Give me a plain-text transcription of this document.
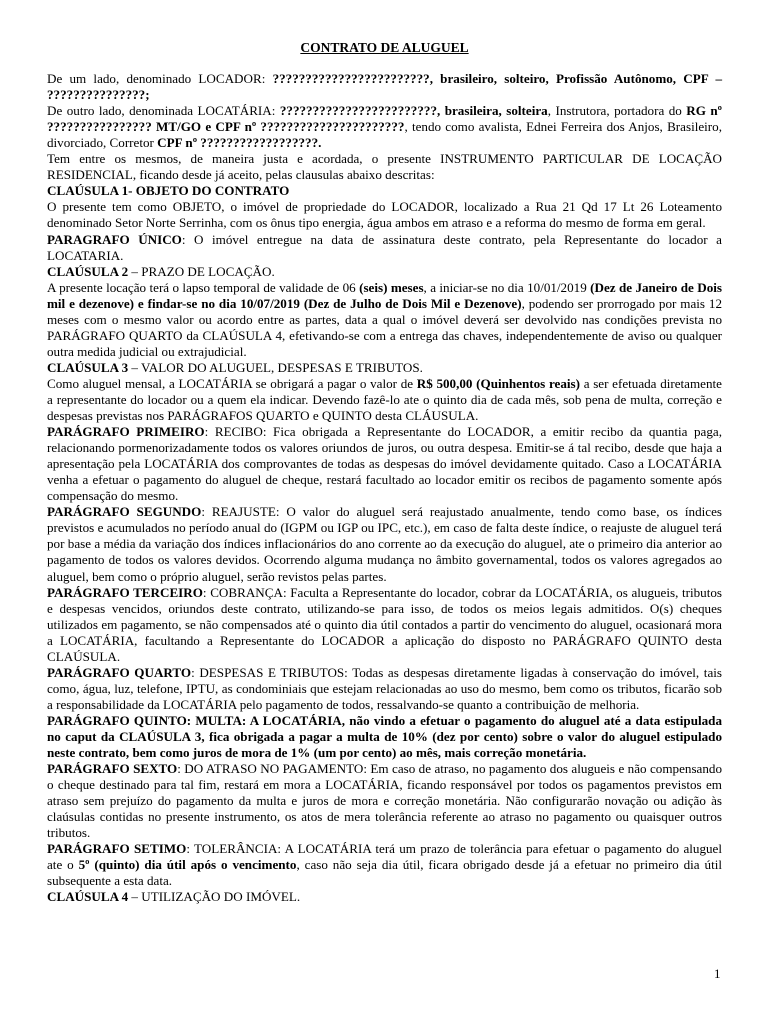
CONTRATO DE ALUGUEL

De um lado, denominado LOCADOR: ????????????????????????, brasileiro, solteiro, Profissão Autônomo, CPF – ???????????????;

De outro lado, denominada LOCATÁRIA: ????????????????????????, brasileira, solteira, Instrutora, portadora do RG nº ???????????????? MT/GO e CPF nº ??????????????????????, tendo como avalista, Ednei Ferreira dos Anjos, Brasileiro, divorciado, Corretor CPF nº ??????????????????.

Tem entre os mesmos, de maneira justa e acordada, o presente INSTRUMENTO PARTICULAR DE LOCAÇÃO RESIDENCIAL, ficando desde já aceito, pelas clausulas abaixo descritas:

CLAÚSULA 1- OBJETO DO CONTRATO

O presente tem como OBJETO, o imóvel de propriedade do LOCADOR, localizado a Rua 21 Qd 17 Lt 26 Loteamento denominado Setor Norte Serrinha, com os ônus tipo energia, água ambos em atraso e a reforma do mesmo de forma em geral.

PARAGRAFO ÚNICO: O imóvel entregue na data de assinatura deste contrato, pela Representante do locador a LOCATARIA.

CLAÚSULA 2 – PRAZO DE LOCAÇÃO.

A presente locação terá o lapso temporal de validade de 06 (seis) meses, a iniciar-se no dia 10/01/2019 (Dez de Janeiro de Dois mil e dezenove) e findar-se no dia 10/07/2019 (Dez de Julho de Dois Mil e Dezenove), podendo ser prorrogado por mais 12 meses com o mesmo valor ou acordo entre as partes, data a qual o imóvel deverá ser devolvido nas condições prevista no PARÁGRAFO QUARTO da CLAÚSULA 4, efetivando-se com a entrega das chaves, independentemente de aviso ou qualquer outra medida judicial ou extrajudicial.

CLAÚSULA 3 – VALOR DO ALUGUEL, DESPESAS E TRIBUTOS.

Como aluguel mensal, a LOCATÁRIA se obrigará a pagar o valor de R$ 500,00 (Quinhentos reais) a ser efetuada diretamente a representante do locador ou a quem ela indicar. Devendo fazê-lo ate o quinto dia de cada mês, sob pena de multa, correção e despesas previstas nos PARÁGRAFOS QUARTO e QUINTO desta CLÁUSULA.

PARÁGRAFO PRIMEIRO: RECIBO: Fica obrigada a Representante do LOCADOR, a emitir recibo da quantia paga, relacionando pormenorizadamente todos os valores oriundos de juros, ou outra despesa. Emitir-se á tal recibo, desde que haja a apresentação pela LOCATÁRIA dos comprovantes de todas as despesas do imóvel devidamente quitado. Caso a LOCATÁRIA venha a efetuar o pagamento do aluguel de cheque, restará facultado ao locador emitir os recibos de pagamento somente após compensação do mesmo.

PARÁGRAFO SEGUNDO: REAJUSTE: O valor do aluguel será reajustado anualmente, tendo como base, os índices previstos e acumulados no período anual do (IGPM ou IGP ou IPC, etc.), em caso de falta deste índice, o reajuste de aluguel terá por base a média da variação dos índices inflacionários do ano corrente ao da execução do aluguel, ate o primeiro dia anterior ao pagamento de todos os valores devidos. Ocorrendo alguma mudança no âmbito governamental, todos os valores agregados ao aluguel, bem como o próprio aluguel, serão revistos pelas partes.

PARÁGRAFO TERCEIRO: COBRANÇA: Faculta a Representante do locador, cobrar da LOCATÁRIA, os alugueis, tributos e despesas vencidos, oriundos deste contrato, utilizando-se para isso, de todos os meios legais admitidos. O(s) cheques utilizados em pagamento, se não compensados até o quinto dia útil contados a partir do vencimento do aluguel, ocasionará mora a LOCATÁRIA, facultando a Representante do LOCADOR a aplicação do disposto no PARÁGRAFO QUINTO desta CLAÚSULA.

PARÁGRAFO QUARTO: DESPESAS E TRIBUTOS: Todas as despesas diretamente ligadas à conservação do imóvel, tais como, água, luz, telefone, IPTU, as condominiais que estejam relacionadas ao uso do mesmo, bem como os tributos, ficarão sob a responsabilidade da LOCATÁRIA pelo pagamento de todos, ressalvando-se quanto a contribuição de melhoria.

PARÁGRAFO QUINTO: MULTA: A LOCATÁRIA, não vindo a efetuar o pagamento do aluguel até a data estipulada no caput da CLAÚSULA 3, fica obrigada a pagar a multa de 10% (dez por cento) sobre o valor do aluguel estipulado neste contrato, bem como juros de mora de 1% (um por cento) ao mês, mais correção monetária.

PARÁGRAFO SEXTO: DO ATRASO NO PAGAMENTO: Em caso de atraso, no pagamento dos alugueis e não compensando o cheque destinado para tal fim, restará em mora a LOCATÁRIA, ficando responsável por todos os pagamentos previstos em atraso sem prejuízo do pagamento da multa e juros de mora e correção monetária. Não configurarão novação ou adição às claúsulas contidas no presente instrumento, os atos de mera tolerância referente ao atraso no pagamento ou quaisquer outros tributos.

PARÁGRAFO SETIMO: TOLERÂNCIA: A LOCATÁRIA terá um prazo de tolerância para efetuar o pagamento do aluguel ate o 5º (quinto) dia útil após o vencimento, caso não seja dia útil, ficara obrigado desde já a efetuar no primeiro dia útil subsequente a esta data.

CLAÚSULA 4 – UTILIZAÇÃO DO IMÓVEL.

1
